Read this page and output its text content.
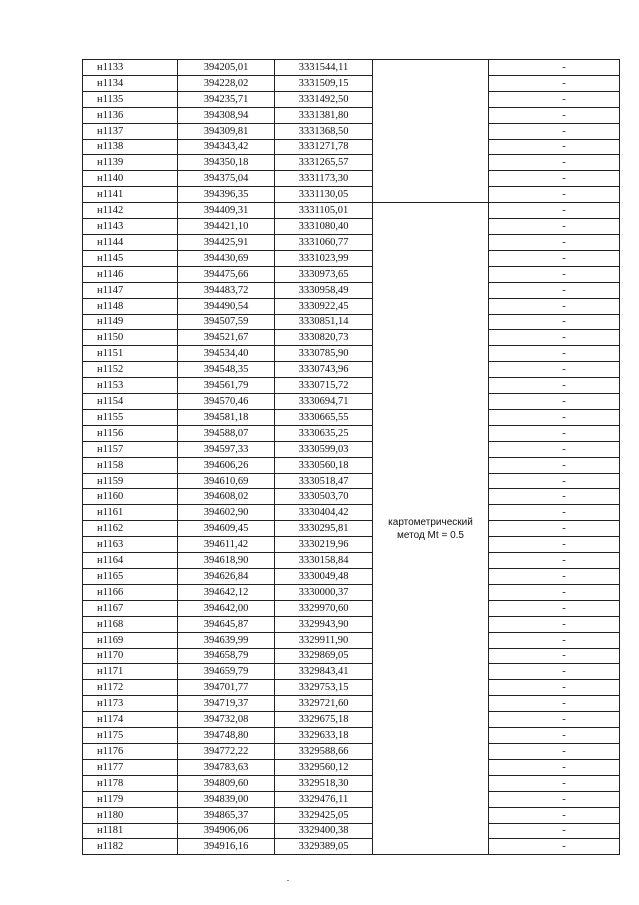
н1133	394205,01	3331544,11		-
н1134	394228,02	3331509,15		-
н1135	394235,71	3331492,50		-
н1136	394308,94	3331381,80		-
н1137	394309,81	3331368,50		-
н1138	394343,42	3331271,78		-
н1139	394350,18	3331265,57		-
н1140	394375,04	3331173,30		-
н1141	394396,35	3331130,05		-
н1142	394409,31	3331105,01	картометрический метод Mt = 0.5	-
н1143	394421,10	3331080,40		-
н1144	394425,91	3331060,77		-
н1145	394430,69	3331023,99		-
н1146	394475,66	3330973,65		-
н1147	394483,72	3330958,49		-
н1148	394490,54	3330922,45		-
н1149	394507,59	3330851,14		-
н1150	394521,67	3330820,73		-
н1151	394534,40	3330785,90		-
н1152	394548,35	3330743,96		-
н1153	394561,79	3330715,72		-
н1154	394570,46	3330694,71		-
н1155	394581,18	3330665,55		-
н1156	394588,07	3330635,25		-
н1157	394597,33	3330599,03		-
н1158	394606,26	3330560,18		-
н1159	394610,69	3330518,47		-
н1160	394608,02	3330503,70		-
н1161	394602,90	3330404,42		-
н1162	394609,45	3330295,81		-
н1163	394611,42	3330219,96		-
н1164	394618,90	3330158,84		-
н1165	394626,84	3330049,48		-
н1166	394642,12	3330000,37		-
н1167	394642,00	3329970,60		-
н1168	394645,87	3329943,90		-
н1169	394639,99	3329911,90		-
н1170	394658,79	3329869,05		-
н1171	394659,79	3329843,41		-
н1172	394701,77	3329753,15		-
н1173	394719,37	3329721,60		-
н1174	394732,08	3329675,18		-
н1175	394748,80	3329633,18		-
н1176	394772,22	3329588,66		-
н1177	394783,63	3329560,12		-
н1178	394809,60	3329518,30		-
н1179	394839,00	3329476,11		-
н1180	394865,37	3329425,05		-
н1181	394906,06	3329400,38		-
н1182	394916,16	3329389,05		-
